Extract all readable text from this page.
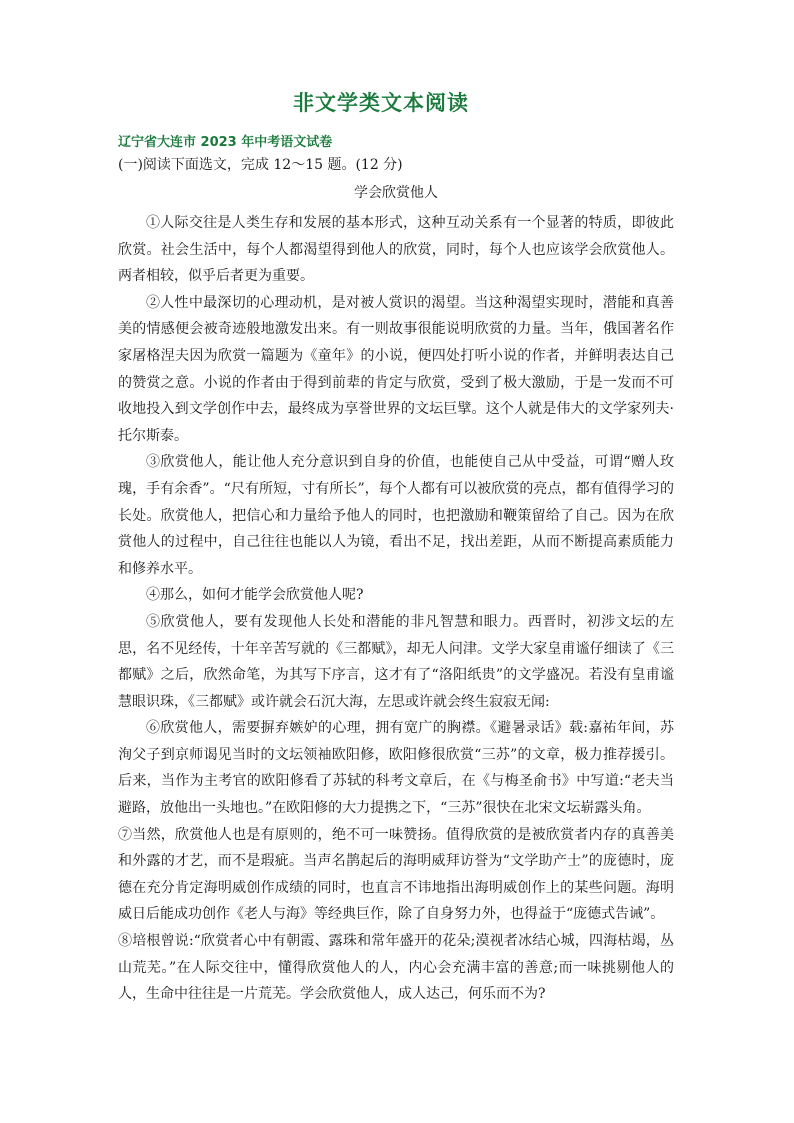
非文学类文本阅读

辽宁省大连市 2023 年中考语文试卷

(一)阅读下面选文，完成 12～15 题。(12 分)

学会欣赏他人

①人际交往是人类生存和发展的基本形式，这种互动关系有一个显著的特质，即彼此欣赏。社会生活中，每个人都渴望得到他人的欣赏，同时，每个人也应该学会欣赏他人。两者相较，似乎后者更为重要。

②人性中最深切的心理动机，是对被人赏识的渴望。当这种渴望实现时，潜能和真善美的情感便会被奇迹般地激发出来。有一则故事很能说明欣赏的力量。当年，俄国著名作家屠格涅夫因为欣赏一篇题为《童年》的小说，便四处打听小说的作者，并鲜明表达自己的赞赏之意。小说的作者由于得到前辈的肯定与欣赏，受到了极大激励，于是一发而不可收地投入到文学创作中去，最终成为享誉世界的文坛巨擘。这个人就是伟大的文学家列夫·托尔斯泰。

③欣赏他人，能让他人充分意识到自身的价值，也能使自己从中受益，可谓“赠人玫瑰，手有余香”。“尺有所短，寸有所长”，每个人都有可以被欣赏的亮点，都有值得学习的长处。欣赏他人，把信心和力量给予他人的同时，也把激励和鞭策留给了自己。因为在欣赏他人的过程中，自己往往也能以人为镜，看出不足，找出差距，从而不断提高素质能力和修养水平。

④那么，如何才能学会欣赏他人呢?

⑤欣赏他人，要有发现他人长处和潜能的非凡智慧和眼力。西晋时，初涉文坛的左思，名不见经传，十年辛苦写就的《三都赋》，却无人问津。文学大家皇甫谧仔细读了《三都赋》之后，欣然命笔，为其写下序言，这才有了“洛阳纸贵”的文学盛况。若没有皇甫谧慧眼识珠，《三都赋》或许就会石沉大海，左思或许就会终生寂寂无闻:

⑥欣赏他人，需要摒弃嫉妒的心理，拥有宽广的胸襟。《避暑录话》载:嘉祐年间，苏洵父子到京师谒见当时的文坛领袖欧阳修，欧阳修很欣赏“三苏”的文章，极力推荐援引。后来，当作为主考官的欧阳修看了苏轼的科考文章后，在《与梅圣俞书》中写道:“老夫当避路，放他出一头地也。”在欧阳修的大力提携之下，“三苏”很快在北宋文坛崭露头角。

⑦当然，欣赏他人也是有原则的，绝不可一味赞扬。值得欣赏的是被欣赏者内存的真善美和外露的才艺，而不是瑕疵。当声名鹊起后的海明威拜访誉为“文学助产士”的庞德时，庞德在充分肯定海明威创作成绩的同时，也直言不讳地指出海明威创作上的某些问题。海明威日后能成功创作《老人与海》等经典巨作，除了自身努力外，也得益于“庞德式告诫”。

⑧培根曾说:“欣赏者心中有朝霞、露珠和常年盛开的花朵;漠视者冰结心城，四海枯竭，丛山荒芜。”在人际交往中，懂得欣赏他人的人，内心会充满丰富的善意;而一味挑剔他人的人，生命中往往是一片荒芜。学会欣赏他人，成人达己，何乐而不为?
